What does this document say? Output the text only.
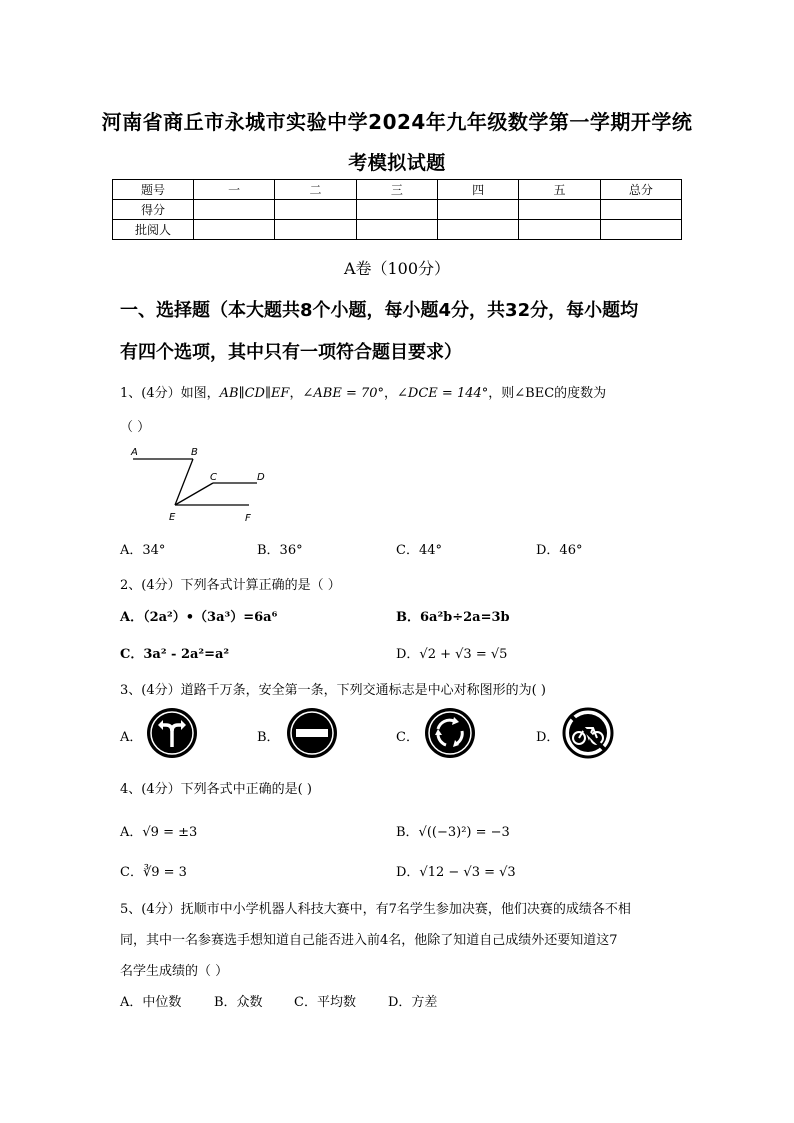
河南省商丘市永城市实验中学2024年九年级数学第一学期开学统
考模拟试题
题号	一	二	三	四	五	总分
得分						
批阅人						
A卷（100分）
一、选择题（本大题共8个小题，每小题4分，共32分，每小题均
有四个选项，其中只有一项符合题目要求）
1、(4分）如图，AB∥CD∥EF，∠ABE = 70°，∠DCE = 144°，则∠BEC的度数为
（ ）
A	B
C	D
E	F
A．34°	B．36°	C．44°	D．46°
2、(4分）下列各式计算正确的是（ ）
A．（2a²）•（3a³）=6a⁶	B．6a²b÷2a=3b
C．3a² - 2a²=a²	D．√2 + √3 = √5
3、(4分）道路千万条，安全第一条，下列交通标志是中心对称图形的为( )
A．	B．	C．	D．
4、(4分）下列各式中正确的是( )
A．√9 = ±3	B．√((−3)²) = −3
C．∛9 = 3	D．√12 − √3 = √3
5、(4分）抚顺市中小学机器人科技大赛中，有7名学生参加决赛，他们决赛的成绩各不相
同，其中一名参赛选手想知道自己能否进入前4名，他除了知道自己成绩外还要知道这7
名学生成绩的（ ）
A．中位数	B．众数 C．平均数 D．方差
